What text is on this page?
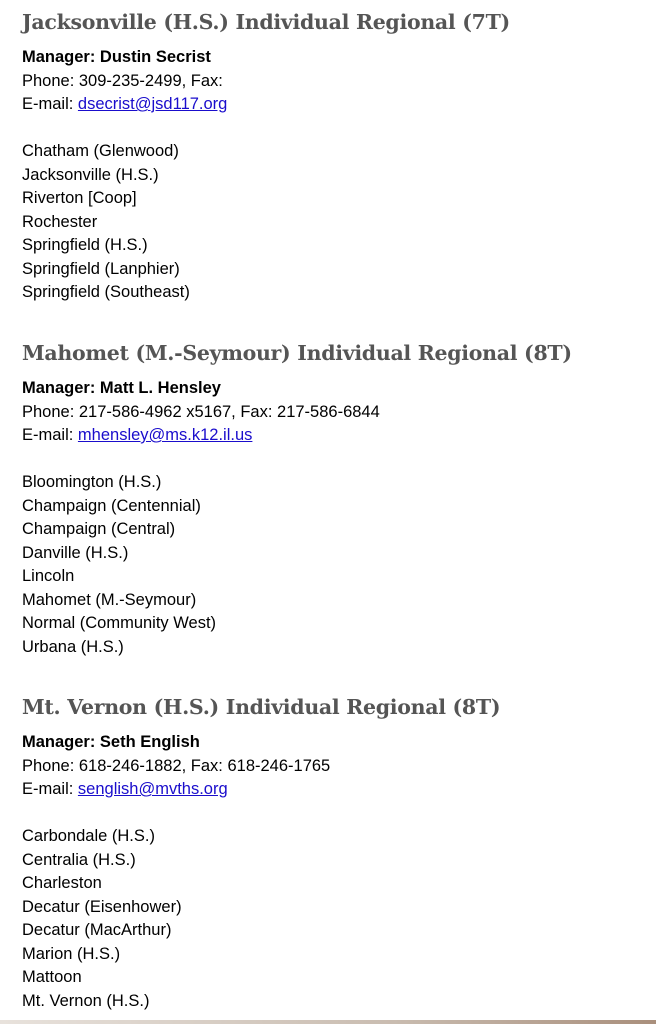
Jacksonville (H.S.) Individual Regional (7T)
Manager: Dustin Secrist
Phone: 309-235-2499, Fax:
E-mail: dsecrist@jsd117.org
Chatham (Glenwood)
Jacksonville (H.S.)
Riverton [Coop]
Rochester
Springfield (H.S.)
Springfield (Lanphier)
Springfield (Southeast)
Mahomet (M.-Seymour) Individual Regional (8T)
Manager: Matt L. Hensley
Phone: 217-586-4962 x5167, Fax: 217-586-6844
E-mail: mhensley@ms.k12.il.us
Bloomington (H.S.)
Champaign (Centennial)
Champaign (Central)
Danville (H.S.)
Lincoln
Mahomet (M.-Seymour)
Normal (Community West)
Urbana (H.S.)
Mt. Vernon (H.S.) Individual Regional (8T)
Manager: Seth English
Phone: 618-246-1882, Fax: 618-246-1765
E-mail: senglish@mvths.org
Carbondale (H.S.)
Centralia (H.S.)
Charleston
Decatur (Eisenhower)
Decatur (MacArthur)
Marion (H.S.)
Mattoon
Mt. Vernon (H.S.)
